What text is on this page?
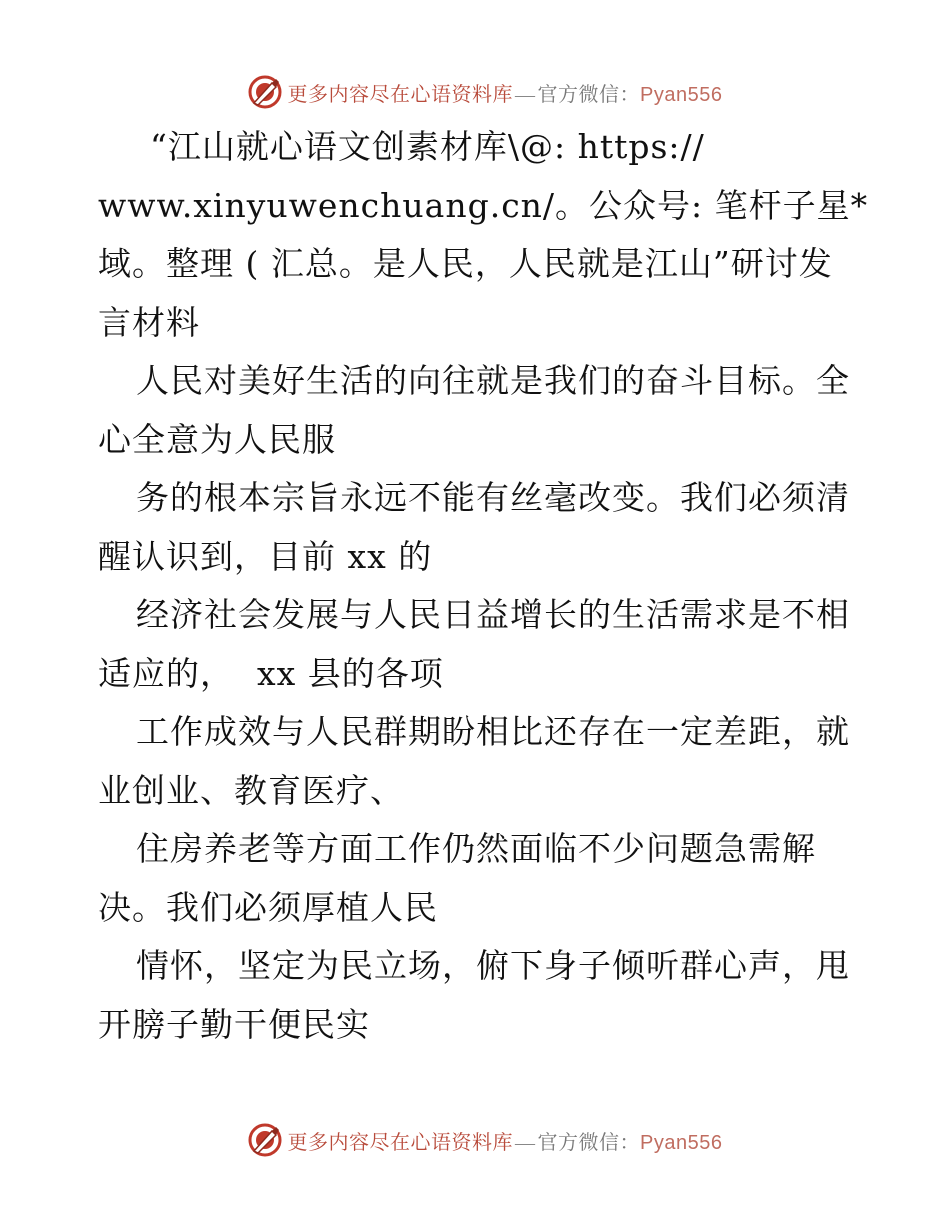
更多内容尽在心语资料库 — 官方微信：Pyan556
“江山就心语文创素材库\@: https://
www.xinyuwenchuang.cn/。公众号: 笔杆子星*
域。整理 ( 汇总。是人民，人民就是江山”研讨发
言材料
人民对美好生活的向往就是我们的奋斗目标。全
心全意为人民服
务的根本宗旨永远不能有丝毫改变。我们必须清
醒认识到，目前 xx 的
经济社会发展与人民日益增长的生活需求是不相
适应的，  xx 县的各项
工作成效与人民群期盼相比还存在一定差距，就
业创业、教育医疗、
住房养老等方面工作仍然面临不少问题急需解
决。我们必须厚植人民
情怀，坚定为民立场，俯下身子倾听群心声，甩
开膀子勤干便民实
更多内容尽在心语资料库 — 官方微信：Pyan556
